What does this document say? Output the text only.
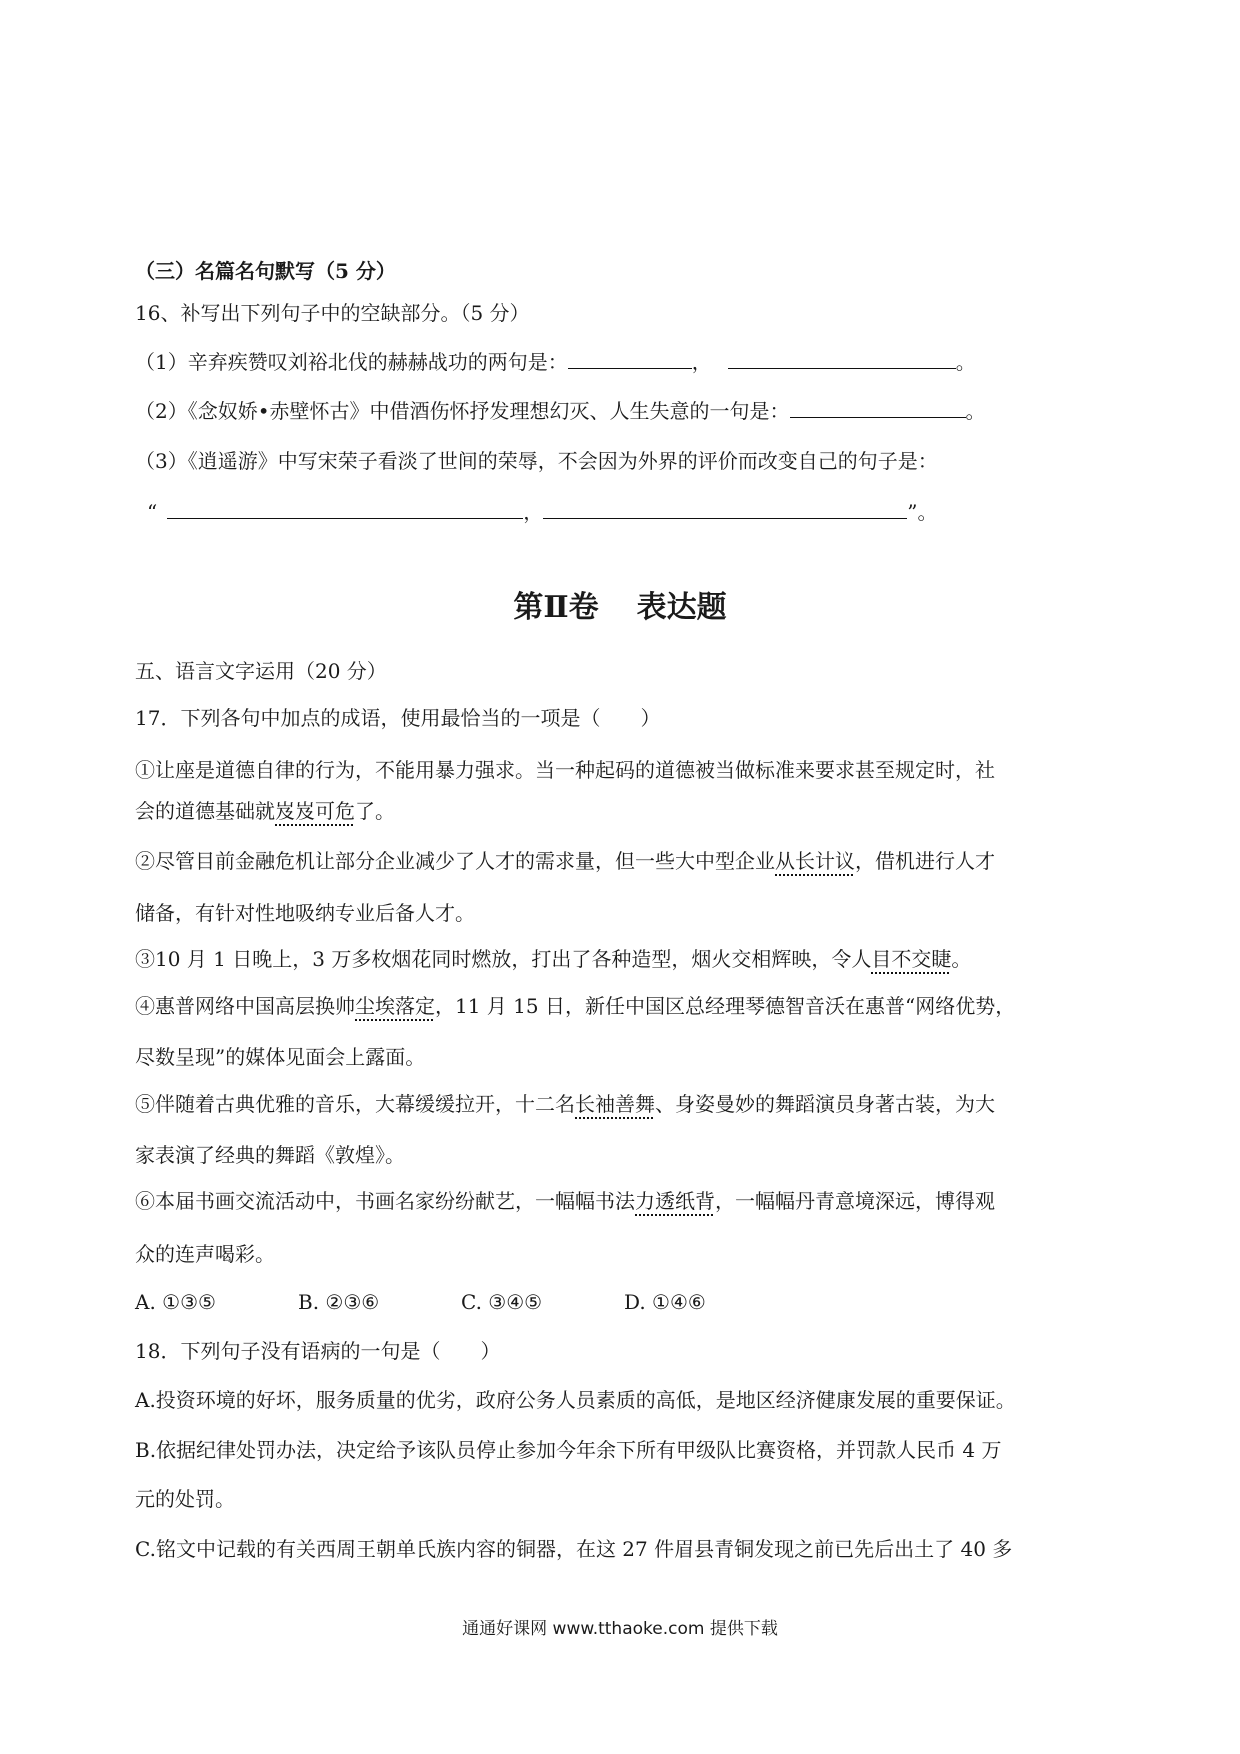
（三）名篇名句默写（5 分）
16、补写出下列句子中的空缺部分。（5 分）
（1）辛弃疾赞叹刘裕北伐的赫赫战功的两句是：	，	。
（2）《念奴娇•赤壁怀古》中借酒伤怀抒发理想幻灭、人生失意的一句是：	。
（3）《逍遥游》中写宋荣子看淡了世间的荣辱，不会因为外界的评价而改变自己的句子是：
“	，	”。
第Ⅱ卷 表达题
五、语言文字运用（20 分）
17．下列各句中加点的成语，使用最恰当的一项是（　　）
①让座是道德自律的行为，不能用暴力强求。当一种起码的道德被当做标准来要求甚至规定时，社
会的道德基础就岌岌可危了。
②尽管目前金融危机让部分企业减少了人才的需求量，但一些大中型企业从长计议，借机进行人才
储备，有针对性地吸纳专业后备人才。
③10 月 1 日晚上，3 万多枚烟花同时燃放，打出了各种造型，烟火交相辉映，令人目不交睫。
④惠普网络中国高层换帅尘埃落定，11 月 15 日，新任中国区总经理琴德智音沃在惠普“网络优势，
尽数呈现”的媒体见面会上露面。
⑤伴随着古典优雅的音乐，大幕缓缓拉开，十二名长袖善舞、身姿曼妙的舞蹈演员身著古装，为大
家表演了经典的舞蹈《敦煌》。
⑥本届书画交流活动中，书画名家纷纷献艺，一幅幅书法力透纸背，一幅幅丹青意境深远，博得观
众的连声喝彩。
A. ①③⑤	B. ②③⑥	C. ③④⑤	D. ①④⑥
18．下列句子没有语病的一句是（　　）
A.投资环境的好坏，服务质量的优劣，政府公务人员素质的高低，是地区经济健康发展的重要保证。
B.依据纪律处罚办法，决定给予该队员停止参加今年余下所有甲级队比赛资格，并罚款人民币 4 万
元的处罚。
C.铭文中记载的有关西周王朝单氏族内容的铜器，在这 27 件眉县青铜发现之前已先后出土了 40 多
通通好课网 www.tthaoke.com 提供下载
